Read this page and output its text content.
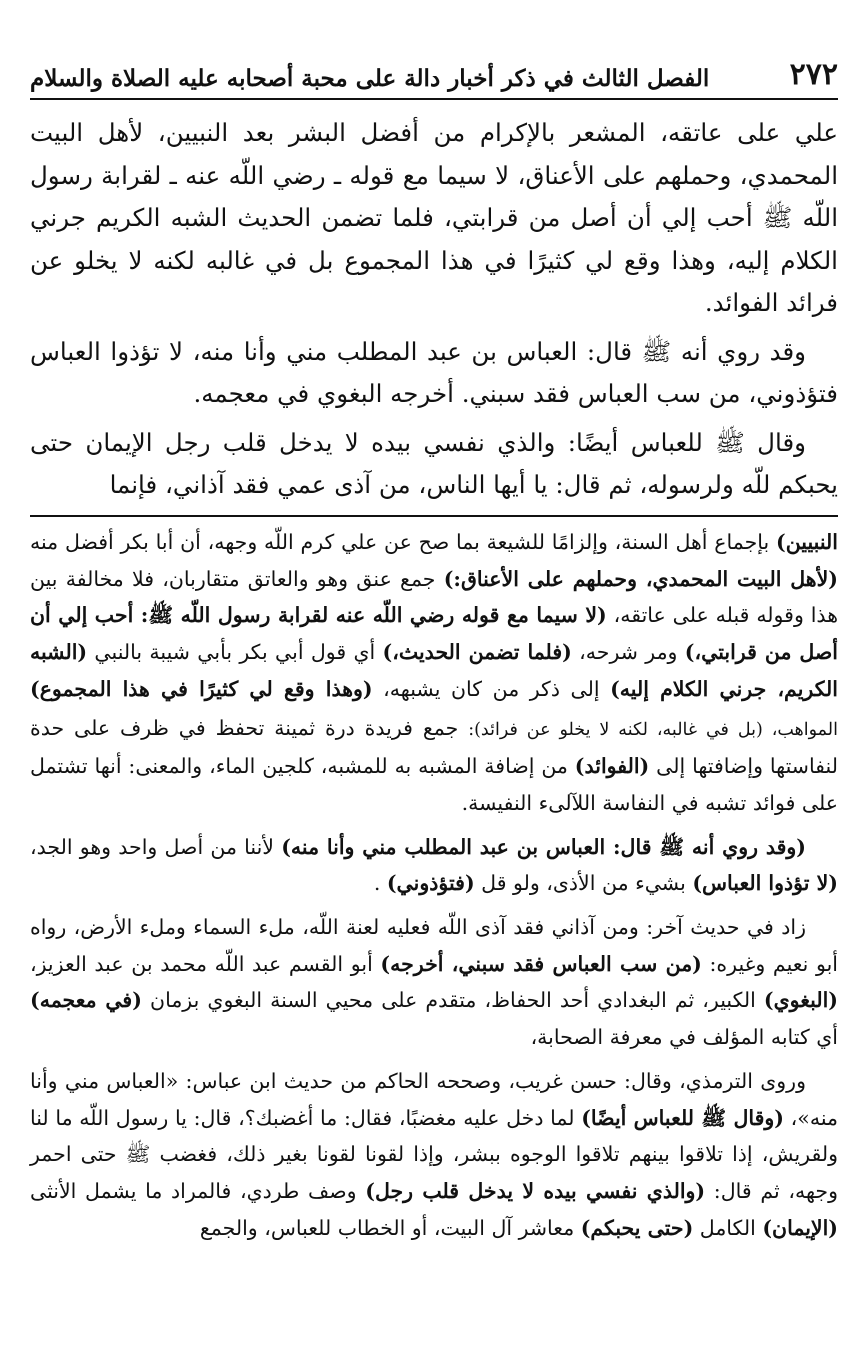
٢٧٢
الفصل الثالث في ذكر أخبار دالة على محبة أصحابه عليه الصلاة والسلام

علي على عاتقه، المشعر بالإكرام من أفضل البشر بعد النبيين، لأهل البيت المحمدي، وحملهم على الأعناق، لا سيما مع قوله ـ رضي اللّه عنه ـ لقرابة رسول اللّه ﷺ أحب إلي أن أصل من قرابتي، فلما تضمن الحديث الشبه الكريم جرني الكلام إليه، وهذا وقع لي كثيرًا في هذا المجموع بل في غالبه لكنه لا يخلو عن فرائد الفوائد.

وقد روي أنه ﷺ قال: العباس بن عبد المطلب مني وأنا منه، لا تؤذوا العباس فتؤذوني، من سب العباس فقد سبني. أخرجه البغوي في معجمه.

وقال ﷺ للعباس أيضًا: والذي نفسي بيده لا يدخل قلب رجل الإيمان حتى يحبكم للّه ولرسوله، ثم قال: يا أيها الناس، من آذى عمي فقد آذاني، فإنما

النبيين) بإجماع أهل السنة، وإلزامًا للشيعة بما صح عن علي كرم اللّه وجهه، أن أبا بكر أفضل منه (لأهل البيت المحمدي، وحملهم على الأعناق:) جمع عنق وهو والعاتق متقاربان، فلا مخالفة بين هذا وقوله قبله على عاتقه، (لا سيما مع قوله رضي اللّه عنه لقرابة رسول اللّه ﷺ: أحب إلي أن أصل من قرابتي،) ومر شرحه، (فلما تضمن الحديث،) أي قول أبي بكر بأبي شيبة بالنبي (الشبه الكريم، جرني الكلام إليه) إلى ذكر من كان يشبهه، (وهذا وقع لي كثيرًا في هذا المجموع) المواهب، (بل في غالبه، لكنه لا يخلو عن فرائد): جمع فريدة درة ثمينة تحفظ في ظرف على حدة لنفاستها وإضافتها إلى (الفوائد) من إضافة المشبه به للمشبه، كلجين الماء، والمعنى: أنها تشتمل على فوائد تشبه في النفاسة اللآلىء النفيسة.

(وقد روي أنه ﷺ قال: العباس بن عبد المطلب مني وأنا منه) لأننا من أصل واحد وهو الجد، (لا تؤذوا العباس) بشيء من الأذى، ولو قل (فتؤذوني) .

زاد في حديث آخر: ومن آذاني فقد آذى اللّه فعليه لعنة اللّه، ملء السماء وملء الأرض، رواه أبو نعيم وغيره: (من سب العباس فقد سبني، أخرجه) أبو القسم عبد اللّه محمد بن عبد العزيز، (البغوي) الكبير، ثم البغدادي أحد الحفاظ، متقدم على محيي السنة البغوي بزمان (في معجمه) أي كتابه المؤلف في معرفة الصحابة،

وروى الترمذي، وقال: حسن غريب، وصححه الحاكم من حديث ابن عباس: «العباس مني وأنا منه»، (وقال ﷺ للعباس أيضًا) لما دخل عليه مغضبًا، فقال: ما أغضبك؟، قال: يا رسول اللّه ما لنا ولقريش، إذا تلاقوا بينهم تلاقوا الوجوه ببشر، وإذا لقونا لقونا بغير ذلك، فغضب ﷺ حتى احمر وجهه، ثم قال: (والذي نفسي بيده لا يدخل قلب رجل) وصف طردي، فالمراد ما يشمل الأنثى (الإيمان) الكامل (حتى يحبكم) معاشر آل البيت، أو الخطاب للعباس، والجمع
